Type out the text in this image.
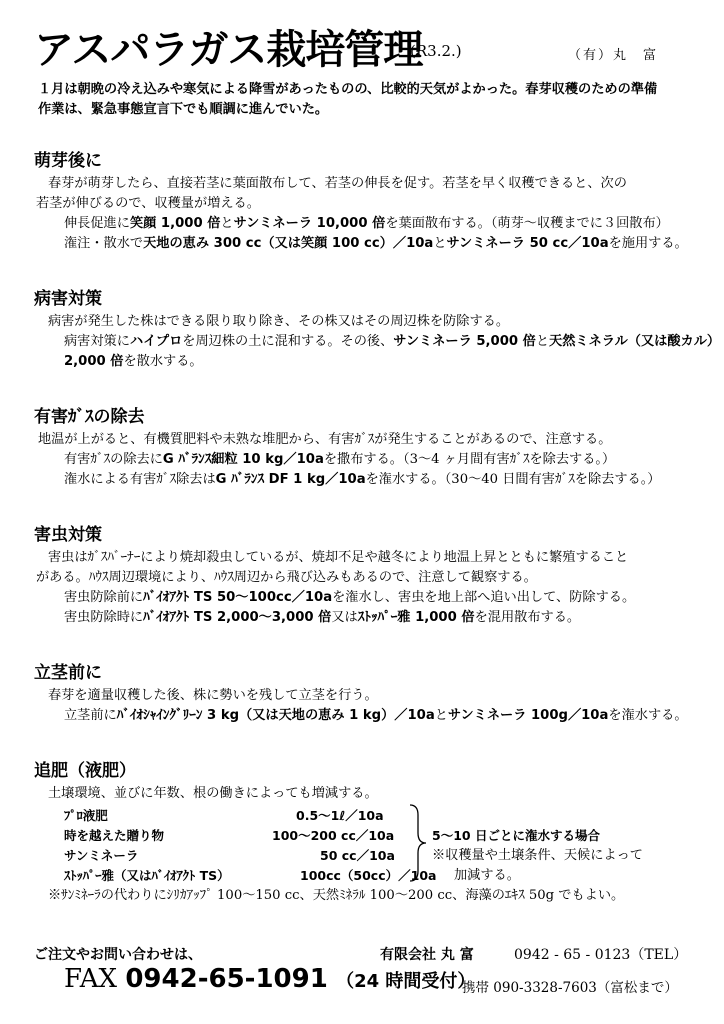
アスパラガス栽培管理
(R3.2.)	（有）丸　富
１月は朝晩の冷え込みや寒気による降雪があったものの、比較的天気がよかった。春芽収穫のための準備
作業は、緊急事態宣言下でも順調に進んでいた。
萌芽後に
春芽が萌芽したら、直接若茎に葉面散布して、若茎の伸長を促す。若茎を早く収穫できると、次の
若茎が伸びるので、収穫量が増える。
伸長促進に笑顔 1,000 倍とサンミネーラ 10,000 倍を葉面散布する。（萌芽～収穫までに３回散布）
潅注・散水で天地の恵み 300 cc（又は笑顔 100 cc）／10aとサンミネーラ 50 cc／10aを施用する。
病害対策
病害が発生した株はできる限り取り除き、その株又はその周辺株を防除する。
病害対策にハイプロを周辺株の土に混和する。その後、サンミネーラ 5,000 倍と天然ミネラル（又は酸カル）
2,000 倍を散水する。
有害ｶﾞｽの除去
地温が上がると、有機質肥料や未熟な堆肥から、有害ｶﾞｽが発生することがあるので、注意する。
有害ｶﾞｽの除去にG ﾊﾞﾗﾝｽ細粒 10 kg／10aを撒布する。（3～4 ヶ月間有害ｶﾞｽを除去する。）
潅水による有害ｶﾞｽ除去はG ﾊﾞﾗﾝｽ DF 1 kg／10aを潅水する。（30～40 日間有害ｶﾞｽを除去する。）
害虫対策
害虫はｶﾞｽﾊﾞｰﾅｰにより焼却殺虫しているが、焼却不足や越冬により地温上昇とともに繁殖すること
がある。ﾊｳｽ周辺環境により、ﾊｳｽ周辺から飛び込みもあるので、注意して観察する。
害虫防除前にﾊﾞｲｵｱｸﾄ TS 50～100cc／10aを潅水し、害虫を地上部へ追い出して、防除する。
害虫防除時にﾊﾞｲｵｱｸﾄ TS 2,000～3,000 倍又はｽﾄｯﾊﾟｰ雅 1,000 倍を混用散布する。
立茎前に
春芽を適量収穫した後、株に勢いを残して立茎を行う。
立茎前にﾊﾞｲｵｼｬｲﾝｸﾞﾘｰﾝ 3 kg（又は天地の恵み 1 kg）／10aとサンミネーラ 100g／10aを潅水する。
追肥（液肥）
土壌環境、並びに年数、根の働きによっても増減する。
ﾌﾟﾛ液肥	0.5～1ℓ／10a
時を越えた贈り物	100～200 cc／10a
サンミネーラ	50 cc／10a
ｽﾄｯﾊﾟｰ雅（又はﾊﾞｲｵｱｸﾄ TS）	100cc（50cc）／10a
5～10 日ごとに潅水する場合
※収穫量や土壌条件、天候によって
加減する。
※ｻﾝﾐﾈｰﾗの代わりにｼﾘｶｱｯﾌﾟ 100～150 cc、天然ﾐﾈﾗﾙ 100～200 cc、海藻のｴｷｽ 50g でもよい。
ご注文やお問い合わせは、	有限会社 丸 富	0942 - 65 - 0123（TEL）
FAX 0942-65-1091 （24 時間受付）
携帯 090-3328-7603（富松まで）
